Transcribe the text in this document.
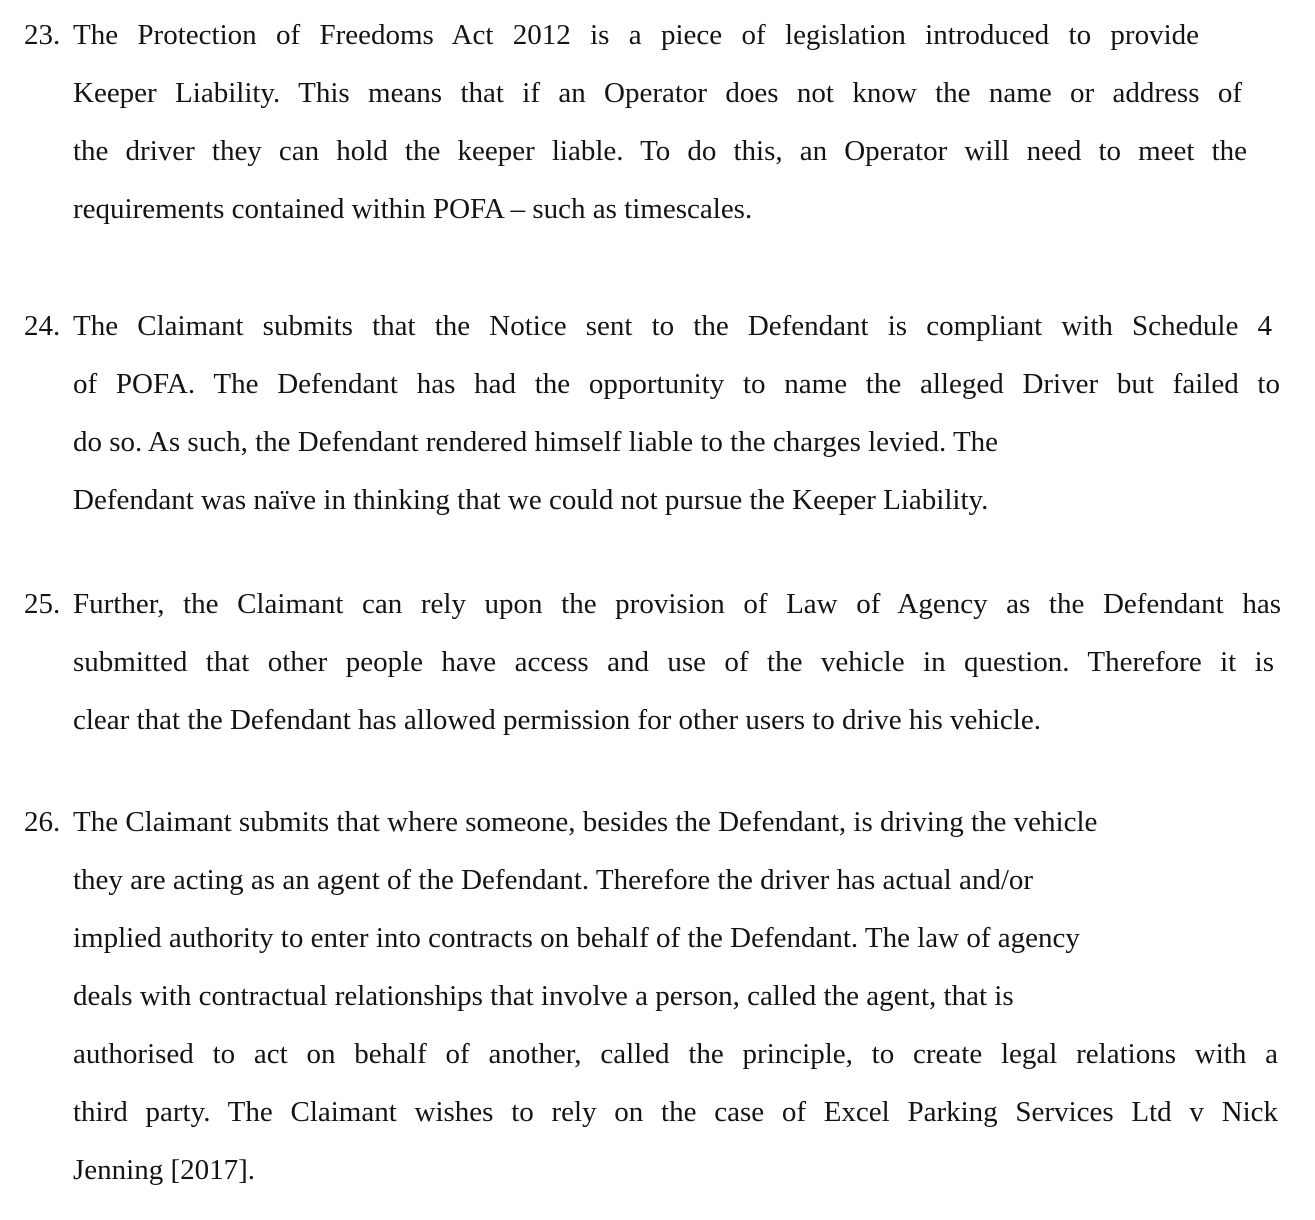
23. The Protection of Freedoms Act 2012 is a piece of legislation introduced to provide
Keeper Liability. This means that if an Operator does not know the name or address of
the driver they can hold the keeper liable. To do this, an Operator will need to meet the
requirements contained within POFA – such as timescales.
24. The Claimant submits that the Notice sent to the Defendant is compliant with Schedule 4
of POFA. The Defendant has had the opportunity to name the alleged Driver but failed to
do so. As such, the Defendant rendered himself liable to the charges levied. The
Defendant was naïve in thinking that we could not pursue the Keeper Liability.
25. Further, the Claimant can rely upon the provision of Law of Agency as the Defendant has
submitted that other people have access and use of the vehicle in question. Therefore it is
clear that the Defendant has allowed permission for other users to drive his vehicle.
26. The Claimant submits that where someone, besides the Defendant, is driving the vehicle
they are acting as an agent of the Defendant. Therefore the driver has actual and/or
implied authority to enter into contracts on behalf of the Defendant. The law of agency
deals with contractual relationships that involve a person, called the agent, that is
authorised to act on behalf of another, called the principle, to create legal relations with a
third party. The Claimant wishes to rely on the case of Excel Parking Services Ltd v Nick
Jenning [2017].
